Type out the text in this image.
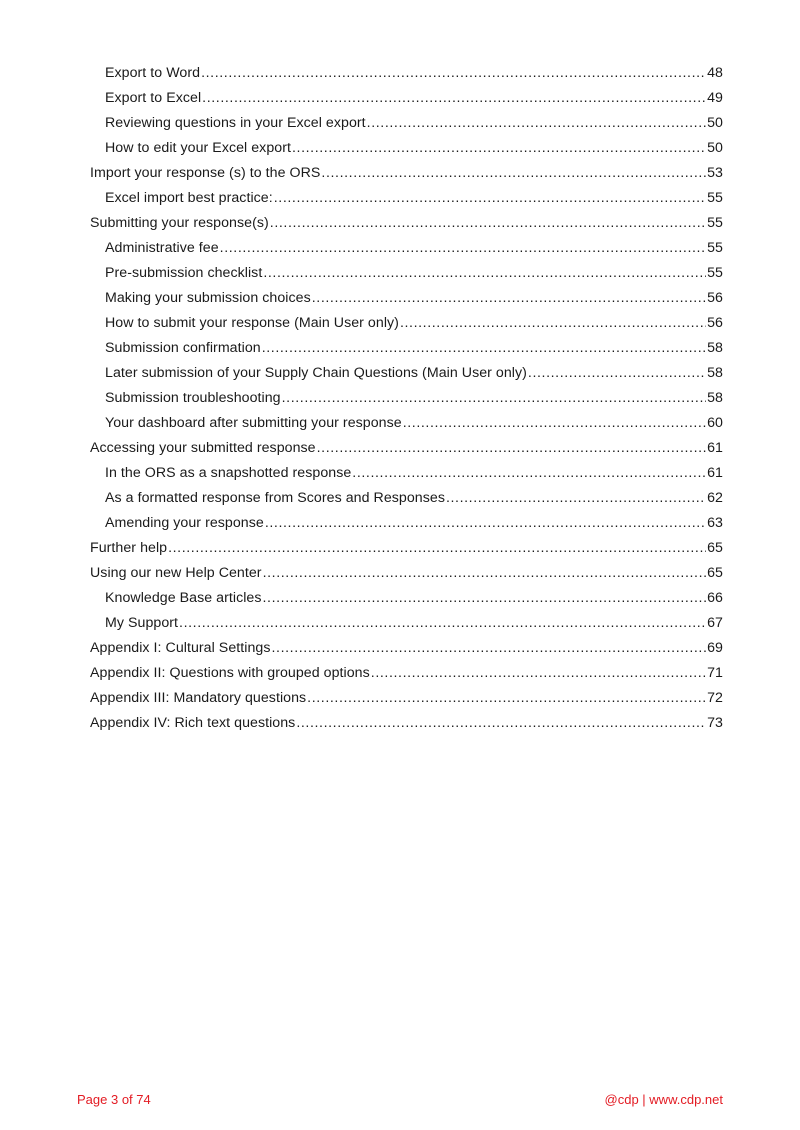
Export to Word .....	48
Export to Excel .....	49
Reviewing questions in your Excel export .....	50
How to edit your Excel export .....	50
Import your response (s) to the ORS .....	53
Excel import best practice: .....	55
Submitting your response(s) .....	55
Administrative fee .....	55
Pre-submission checklist .....	55
Making your submission choices .....	56
How to submit your response (Main User only) .....	56
Submission confirmation .....	58
Later submission of your Supply Chain Questions (Main User only) .....	58
Submission troubleshooting .....	58
Your dashboard after submitting your response .....	60
Accessing your submitted response .....	61
In the ORS as a snapshotted response .....	61
As a formatted response from Scores and Responses .....	62
Amending your response .....	63
Further help .....	65
Using our new Help Center .....	65
Knowledge Base articles .....	66
My Support .....	67
Appendix I: Cultural Settings .....	69
Appendix II: Questions with grouped options .....	71
Appendix III: Mandatory questions .....	72
Appendix IV: Rich text questions .....	73
Page 3 of 74	@cdp | www.cdp.net
